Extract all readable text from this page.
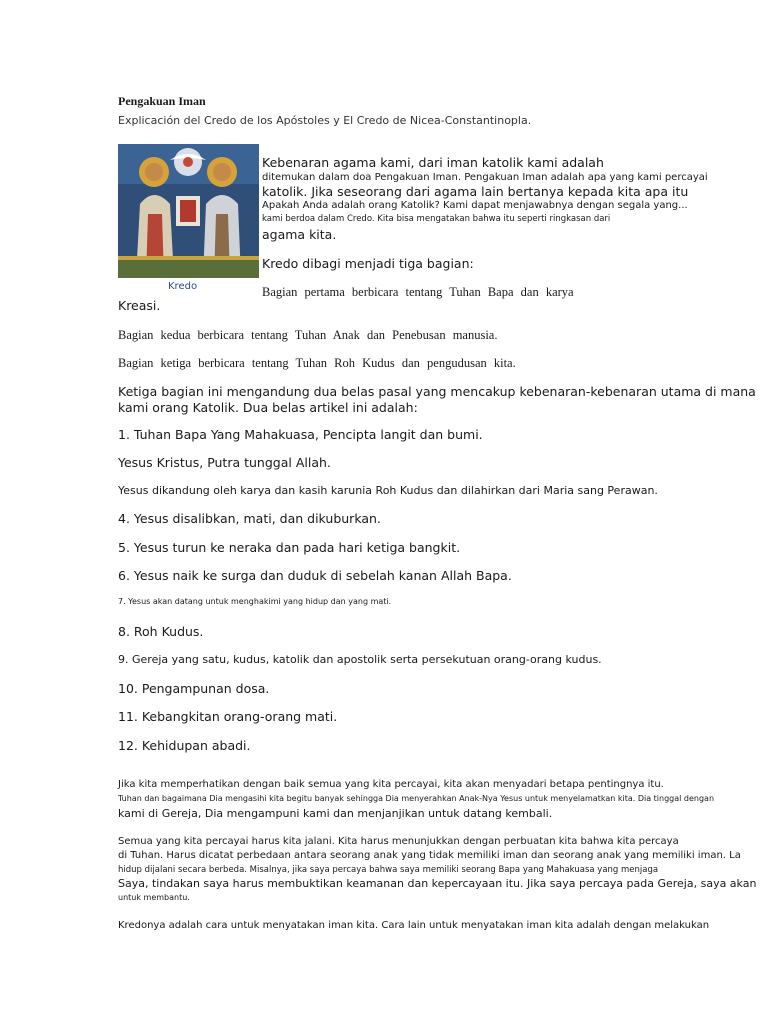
Pengakuan Iman

Explicación del Credo de los Apóstoles y El Credo de Nicea-Constantinopla.

Kredo

Kebenaran agama kami, dari iman katolik kami adalah

ditemukan dalam doa Pengakuan Iman. Pengakuan Iman adalah apa yang kami percayai

katolik. Jika seseorang dari agama lain bertanya kepada kita apa itu

Apakah Anda adalah orang Katolik? Kami dapat menjawabnya dengan segala yang...

kami berdoa dalam Credo. Kita bisa mengatakan bahwa itu seperti ringkasan dari

agama kita.

Kredo dibagi menjadi tiga bagian:

Bagian pertama berbicara tentang Tuhan Bapa dan karya

Kreasi.

Bagian kedua berbicara tentang Tuhan Anak dan Penebusan manusia.

Bagian ketiga berbicara tentang Tuhan Roh Kudus dan pengudusan kita.

Ketiga bagian ini mengandung dua belas pasal yang mencakup kebenaran-kebenaran utama di mana

kami orang Katolik. Dua belas artikel ini adalah:

1. Tuhan Bapa Yang Mahakuasa, Pencipta langit dan bumi.

Yesus Kristus, Putra tunggal Allah.

Yesus dikandung oleh karya dan kasih karunia Roh Kudus dan dilahirkan dari Maria sang Perawan.

4. Yesus disalibkan, mati, dan dikuburkan.

5. Yesus turun ke neraka dan pada hari ketiga bangkit.

6. Yesus naik ke surga dan duduk di sebelah kanan Allah Bapa.

7. Yesus akan datang untuk menghakimi yang hidup dan yang mati.

8. Roh Kudus.

9. Gereja yang satu, kudus, katolik dan apostolik serta persekutuan orang-orang kudus.

10. Pengampunan dosa.

11. Kebangkitan orang-orang mati.

12. Kehidupan abadi.

Jika kita memperhatikan dengan baik semua yang kita percayai, kita akan menyadari betapa pentingnya itu.

Tuhan dan bagaimana Dia mengasihi kita begitu banyak sehingga Dia menyerahkan Anak-Nya Yesus untuk menyelamatkan kita. Dia tinggal dengan

kami di Gereja, Dia mengampuni kami dan menjanjikan untuk datang kembali.

Semua yang kita percayai harus kita jalani. Kita harus menunjukkan dengan perbuatan kita bahwa kita percaya

di Tuhan. Harus dicatat perbedaan antara seorang anak yang tidak memiliki iman dan seorang anak yang memiliki iman. La

hidup dijalani secara berbeda. Misalnya, jika saya percaya bahwa saya memiliki seorang Bapa yang Mahakuasa yang menjaga

Saya, tindakan saya harus membuktikan keamanan dan kepercayaan itu. Jika saya percaya pada Gereja, saya akan

untuk membantu.

Kredonya adalah cara untuk menyatakan iman kita. Cara lain untuk menyatakan iman kita adalah dengan melakukan
